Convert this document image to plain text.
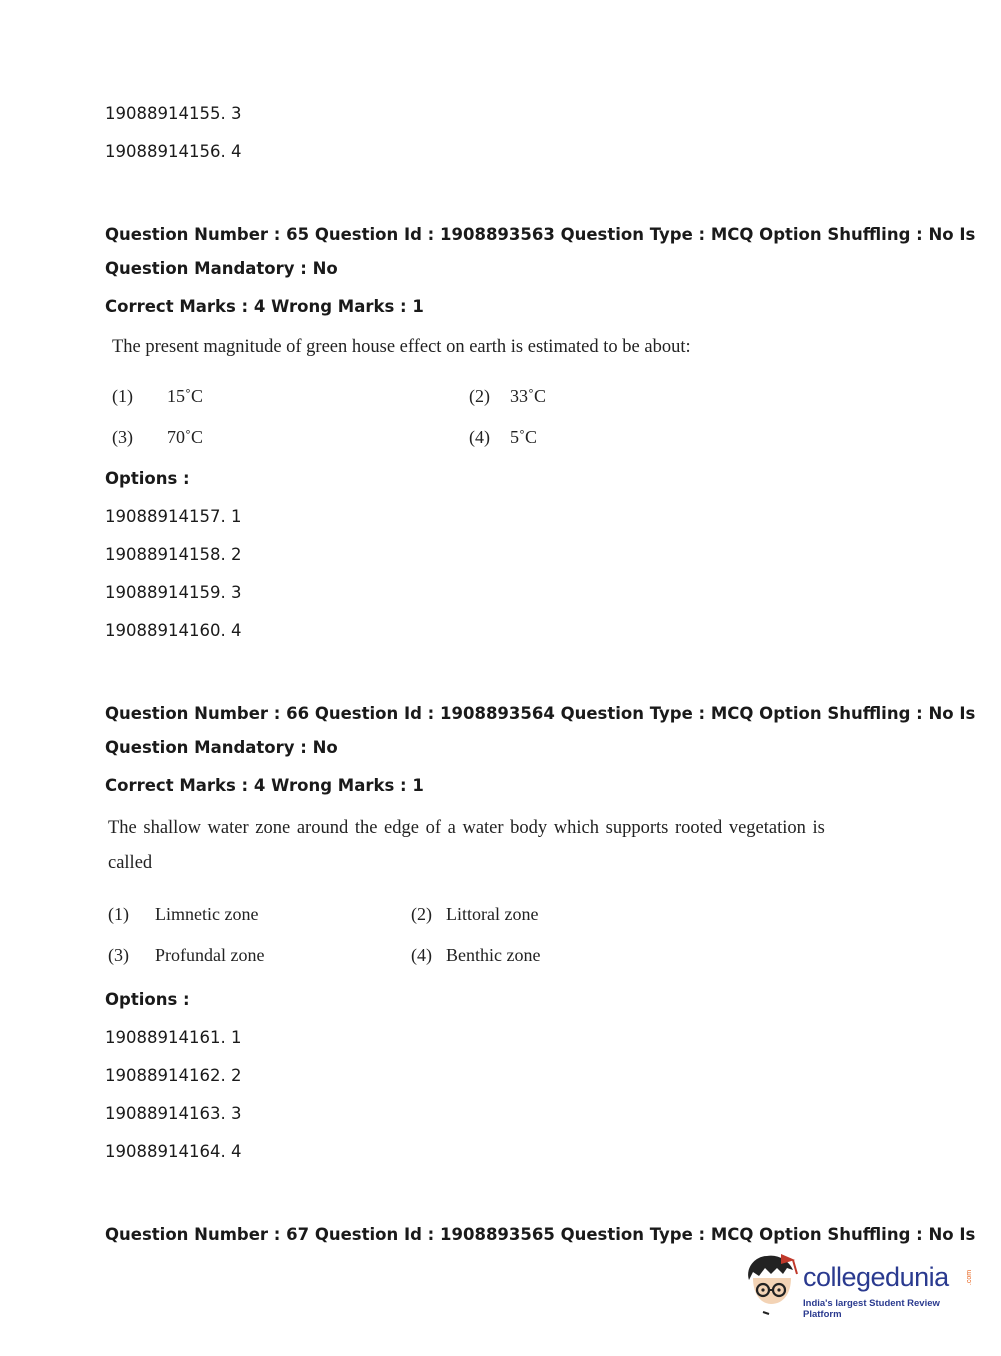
19088914155. 3
19088914156. 4
Question Number : 65 Question Id : 1908893563 Question Type : MCQ Option Shuffling : No Is
Question Mandatory : No
Correct Marks : 4 Wrong Marks : 1
The present magnitude of green house effect on earth is estimated to be about:
(1) 15˚C	(2) 33˚C
(3) 70˚C	(4) 5˚C
Options :
19088914157. 1
19088914158. 2
19088914159. 3
19088914160. 4
Question Number : 66 Question Id : 1908893564 Question Type : MCQ Option Shuffling : No Is
Question Mandatory : No
Correct Marks : 4 Wrong Marks : 1
The shallow water zone around the edge of a water body which supports rooted vegetation is
called
(1) Limnetic zone	(2) Littoral zone
(3) Profundal zone	(4) Benthic zone
Options :
19088914161. 1
19088914162. 2
19088914163. 3
19088914164. 4
Question Number : 67 Question Id : 1908893565 Question Type : MCQ Option Shuffling : No Is
collegedunia .com
India's largest Student Review Platform
